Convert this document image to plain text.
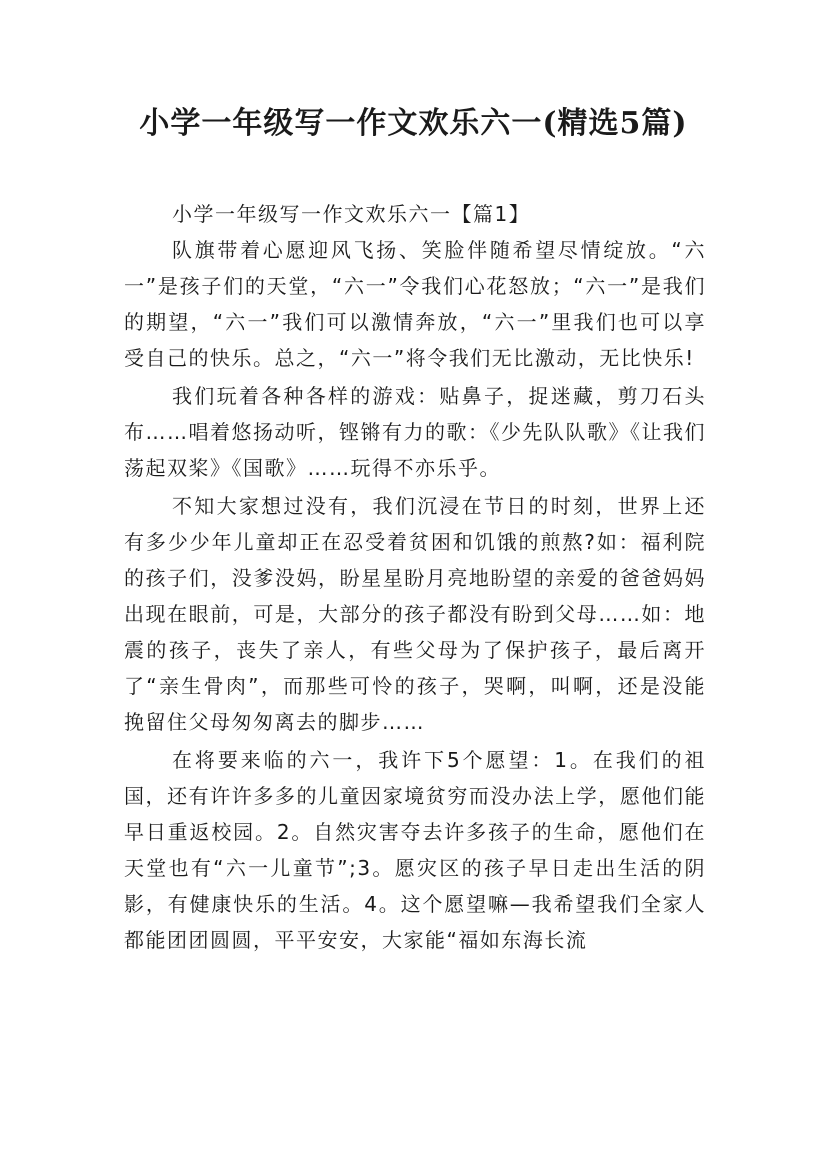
小学一年级写一作文欢乐六一(精选5篇)
小学一年级写一作文欢乐六一【篇1】

队旗带着心愿迎风飞扬、笑脸伴随希望尽情绽放。“六一”是孩子们的天堂，“六一”令我们心花怒放；“六一”是我们的期望，“六一”我们可以激情奔放，“六一”里我们也可以享受自己的快乐。总之，“六一”将令我们无比激动，无比快乐!

我们玩着各种各样的游戏：贴鼻子，捉迷藏，剪刀石头布……唱着悠扬动听，铿锵有力的歌：《少先队队歌》《让我们荡起双桨》《国歌》……玩得不亦乐乎。

不知大家想过没有，我们沉浸在节日的时刻，世界上还有多少少年儿童却正在忍受着贫困和饥饿的煎熬?如：福利院的孩子们，没爹没妈，盼星星盼月亮地盼望的亲爱的爸爸妈妈出现在眼前，可是，大部分的孩子都没有盼到父母……如：地震的孩子，丧失了亲人，有些父母为了保护孩子，最后离开了“亲生骨肉”，而那些可怜的孩子，哭啊，叫啊，还是没能挽留住父母匆匆离去的脚步……

在将要来临的六一，我许下5个愿望：1。在我们的祖国，还有许许多多的儿童因家境贫穷而没办法上学，愿他们能早日重返校园。2。自然灾害夺去许多孩子的生命，愿他们在天堂也有“六一儿童节”;3。愿灾区的孩子早日走出生活的阴影，有健康快乐的生活。4。这个愿望嘛—我希望我们全家人都能团团圆圆，平平安安，大家能“福如东海长流
